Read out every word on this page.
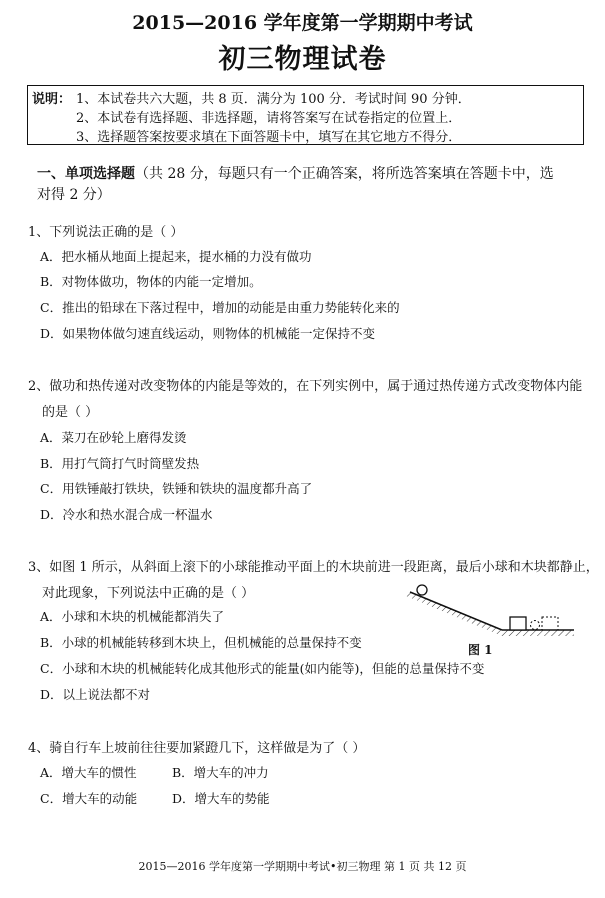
2015—2016 学年度第一学期期中考试
初三物理试卷
说明： 1、本试卷共六大题，共 8 页．满分为 100 分．考试时间 90 分钟．
2、本试卷有选择题、非选择题，请将答案写在试卷指定的位置上．
3、选择题答案按要求填在下面答题卡中，填写在其它地方不得分．
一、单项选择题（共 28 分，每题只有一个正确答案，将所选答案填在答题卡中，选
对得 2 分）
1、下列说法正确的是（ ）
A．把水桶从地面上提起来，提水桶的力没有做功
B．对物体做功，物体的内能一定增加。
C．推出的铅球在下落过程中，增加的动能是由重力势能转化来的
D．如果物体做匀速直线运动，则物体的机械能一定保持不变
2、做功和热传递对改变物体的内能是等效的，在下列实例中，属于通过热传递方式改变物体内能
的是（ ）
A．菜刀在砂轮上磨得发烫
B．用打气筒打气时筒壁发热
C．用铁锤敲打铁块，铁锤和铁块的温度都升高了
D．冷水和热水混合成一杯温水
3、如图 1 所示，从斜面上滚下的小球能推动平面上的木块前进一段距离，最后小球和木块都静止，
对此现象，下列说法中正确的是（ ）
A．小球和木块的机械能都消失了
B．小球的机械能转移到木块上，但机械能的总量保持不变
C．小球和木块的机械能转化成其他形式的能量(如内能等)，但能的总量保持不变
D．以上说法都不对
图 1
4、骑自行车上坡前往往要加紧蹬几下，这样做是为了（ ）
A．增大车的惯性	B．增大车的冲力
C．增大车的动能	D．增大车的势能
2015—2016 学年度第一学期期中考试•初三物理 第 1 页 共 12 页
